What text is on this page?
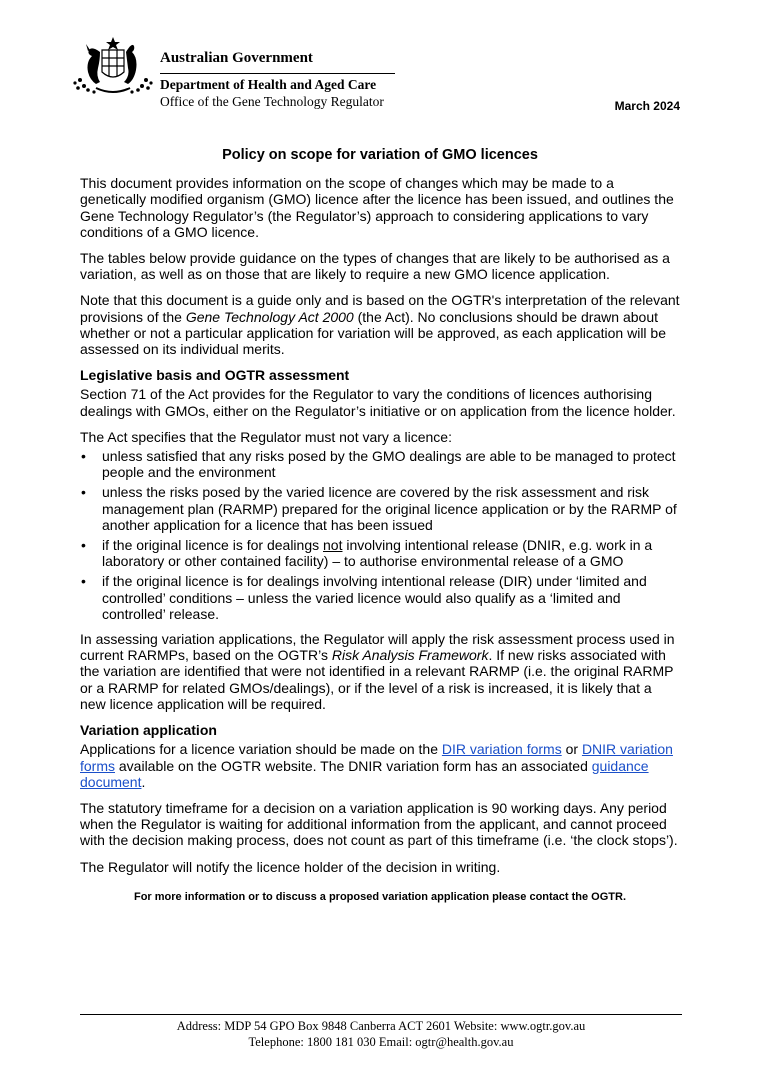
Australian Government
Department of Health and Aged Care
Office of the Gene Technology Regulator	March 2024
Policy on scope for variation of GMO licences

This document provides information on the scope of changes which may be made to a genetically modified organism (GMO) licence after the licence has been issued, and outlines the Gene Technology Regulator’s (the Regulator’s) approach to considering applications to vary conditions of a GMO licence.

The tables below provide guidance on the types of changes that are likely to be authorised as a variation, as well as on those that are likely to require a new GMO licence application.

Note that this document is a guide only and is based on the OGTR's interpretation of the relevant provisions of the Gene Technology Act 2000 (the Act). No conclusions should be drawn about whether or not a particular application for variation will be approved, as each application will be assessed on its individual merits.

Legislative basis and OGTR assessment

Section 71 of the Act provides for the Regulator to vary the conditions of licences authorising dealings with GMOs, either on the Regulator’s initiative or on application from the licence holder.

The Act specifies that the Regulator must not vary a licence:

• unless satisfied that any risks posed by the GMO dealings are able to be managed to protect people and the environment
• unless the risks posed by the varied licence are covered by the risk assessment and risk management plan (RARMP) prepared for the original licence application or by the RARMP of another application for a licence that has been issued
• if the original licence is for dealings not involving intentional release (DNIR, e.g. work in a laboratory or other contained facility) – to authorise environmental release of a GMO
• if the original licence is for dealings involving intentional release (DIR) under ‘limited and controlled’ conditions – unless the varied licence would also qualify as a ‘limited and controlled’ release.

In assessing variation applications, the Regulator will apply the risk assessment process used in current RARMPs, based on the OGTR’s Risk Analysis Framework. If new risks associated with the variation are identified that were not identified in a relevant RARMP (i.e. the original RARMP or a RARMP for related GMOs/dealings), or if the level of a risk is increased, it is likely that a new licence application will be required.

Variation application

Applications for a licence variation should be made on the DIR variation forms or DNIR variation forms available on the OGTR website. The DNIR variation form has an associated guidance document.

The statutory timeframe for a decision on a variation application is 90 working days. Any period when the Regulator is waiting for additional information from the applicant, and cannot proceed with the decision making process, does not count as part of this timeframe (i.e. ‘the clock stops’).

The Regulator will notify the licence holder of the decision in writing.

For more information or to discuss a proposed variation application please contact the OGTR.
Address: MDP 54 GPO Box 9848 Canberra ACT 2601 Website: www.ogtr.gov.au
Telephone: 1800 181 030 Email: ogtr@health.gov.au
